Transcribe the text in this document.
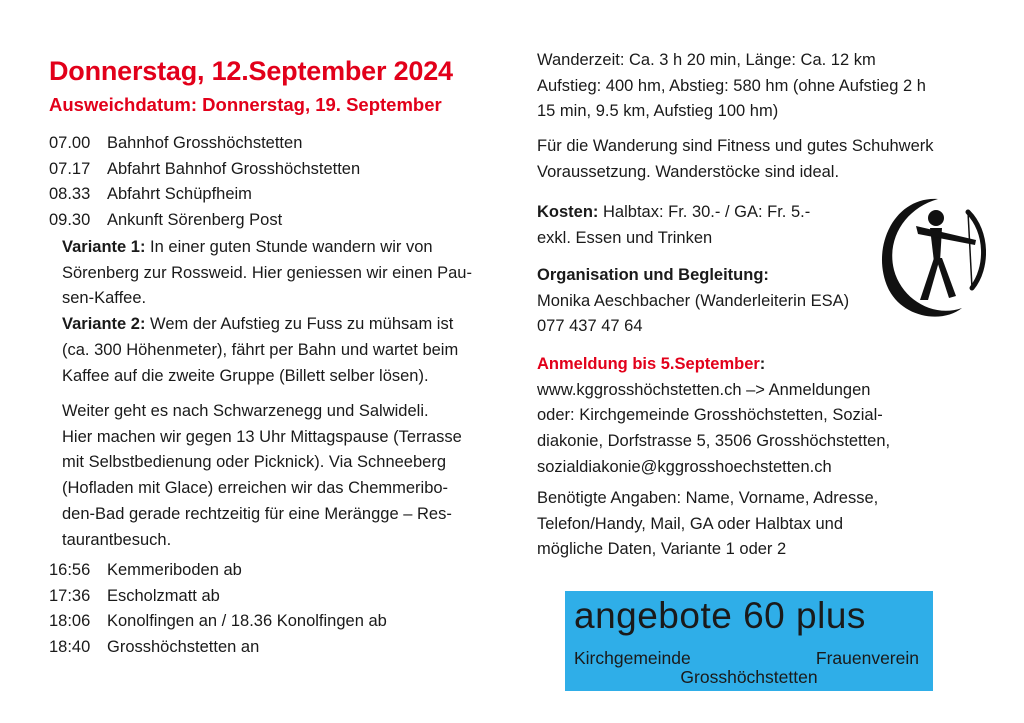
Donnerstag, 12.September 2024
Ausweichdatum: Donnerstag, 19. September
07.00	Bahnhof Grosshöchstetten
07.17	Abfahrt Bahnhof Grosshöchstetten
08.33	Abfahrt Schüpfheim
09.30	Ankunft Sörenberg Post
Variante 1: In einer guten Stunde wandern wir von
Sörenberg zur Rossweid. Hier geniessen wir einen Pau-
sen-Kaffee.
Variante 2: Wem der Aufstieg zu Fuss zu mühsam ist
(ca. 300 Höhenmeter), fährt per Bahn und wartet beim
Kaffee auf die zweite Gruppe (Billett selber lösen).
Weiter geht es nach Schwarzenegg und Salwideli.
Hier machen wir gegen 13 Uhr Mittagspause (Terrasse
mit Selbstbedienung oder Picknick). Via Schneeberg
(Hofladen mit Glace) erreichen wir das Chemmeribo-
den-Bad gerade rechtzeitig für eine Merängge – Res-
taurantbesuch.
16:56	Kemmeriboden ab
17:36	Escholzmatt ab
18:06	Konolfingen an / 18.36 Konolfingen ab
18:40	Grosshöchstetten an
Wanderzeit: Ca. 3 h 20 min, Länge: Ca. 12 km
Aufstieg: 400 hm, Abstieg: 580 hm (ohne Aufstieg 2 h
15 min, 9.5 km, Aufstieg 100 hm)
Für die Wanderung sind Fitness und gutes Schuhwerk
Voraussetzung. Wanderstöcke sind ideal.
Kosten: Halbtax: Fr. 30.- / GA: Fr. 5.-
exkl. Essen und Trinken
Organisation und Begleitung:
Monika Aeschbacher (Wanderleiterin ESA)
077 437 47 64
Anmeldung bis 5.September:
www.kggrosshöchstetten.ch –> Anmeldungen
oder: Kirchgemeinde Grosshöchstetten, Sozial-
diakonie, Dorfstrasse 5, 3506 Grosshöchstetten,
sozialdiakonie@kggrosshoechstetten.ch
Benötigte Angaben: Name, Vorname, Adresse,
Telefon/Handy, Mail, GA oder Halbtax und
mögliche Daten, Variante 1 oder 2
angebote 60 plus
Kirchgemeinde	Frauenverein
Grosshöchstetten
